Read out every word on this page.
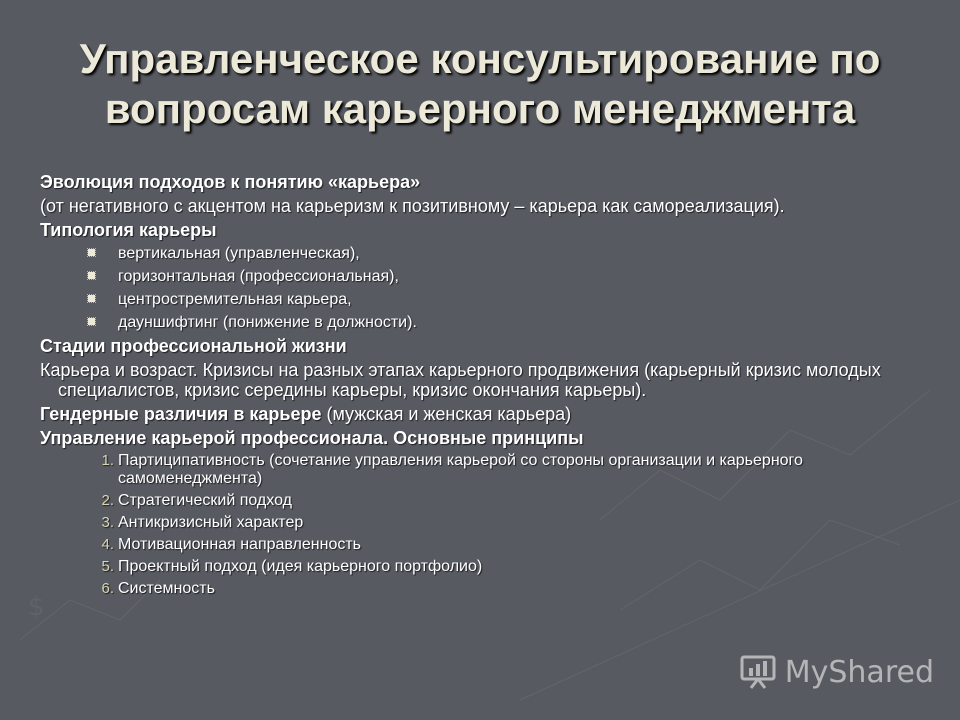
$
Управленческое консультирование по вопросам карьерного менеджмента
Эволюция подходов к понятию «карьера»
(от негативного с акцентом на карьеризм к позитивному – карьера как самореализация).
Типология карьеры
вертикальная (управленческая),
горизонтальная (профессиональная),
центростремительная карьера,
дауншифтинг (понижение в должности).
Стадии профессиональной жизни
Карьера и возраст. Кризисы на разных этапах карьерного продвижения (карьерный кризис молодых специалистов, кризис середины карьеры, кризис окончания карьеры).
Гендерные различия в карьере (мужская и женская карьера)
Управление карьерой профессионала. Основные принципы
1. Партиципативность (сочетание управления карьерой со стороны организации и карьерного самоменеджмента)
2. Стратегический подход
3. Антикризисный характер
4. Мотивационная направленность
5. Проектный подход (идея карьерного портфолио)
6. Системность
MyShared
